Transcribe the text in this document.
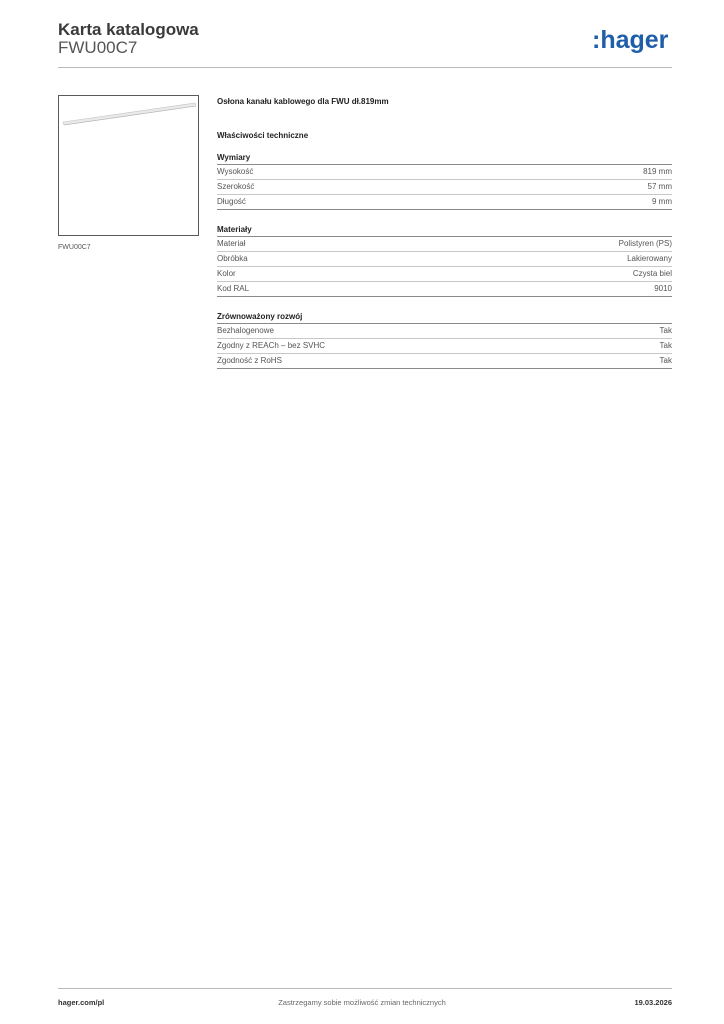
Karta katalogowa
FWU00C7	:hager
FWU00C7
Osłona kanału kablowego dla FWU dł.819mm
Właściwości techniczne
Wymiary
Wysokość	819 mm
Szerokość	57 mm
Długość	9 mm
Materiały
Materiał	Polistyren (PS)
Obróbka	Lakierowany
Kolor	Czysta biel
Kod RAL	9010
Zrównoważony rozwój
Bezhalogenowe	Tak
Zgodny z REACh – bez SVHC	Tak
Zgodność z RoHS	Tak
hager.com/pl	Zastrzegamy sobie możliwość zmian technicznych	19.03.2026
